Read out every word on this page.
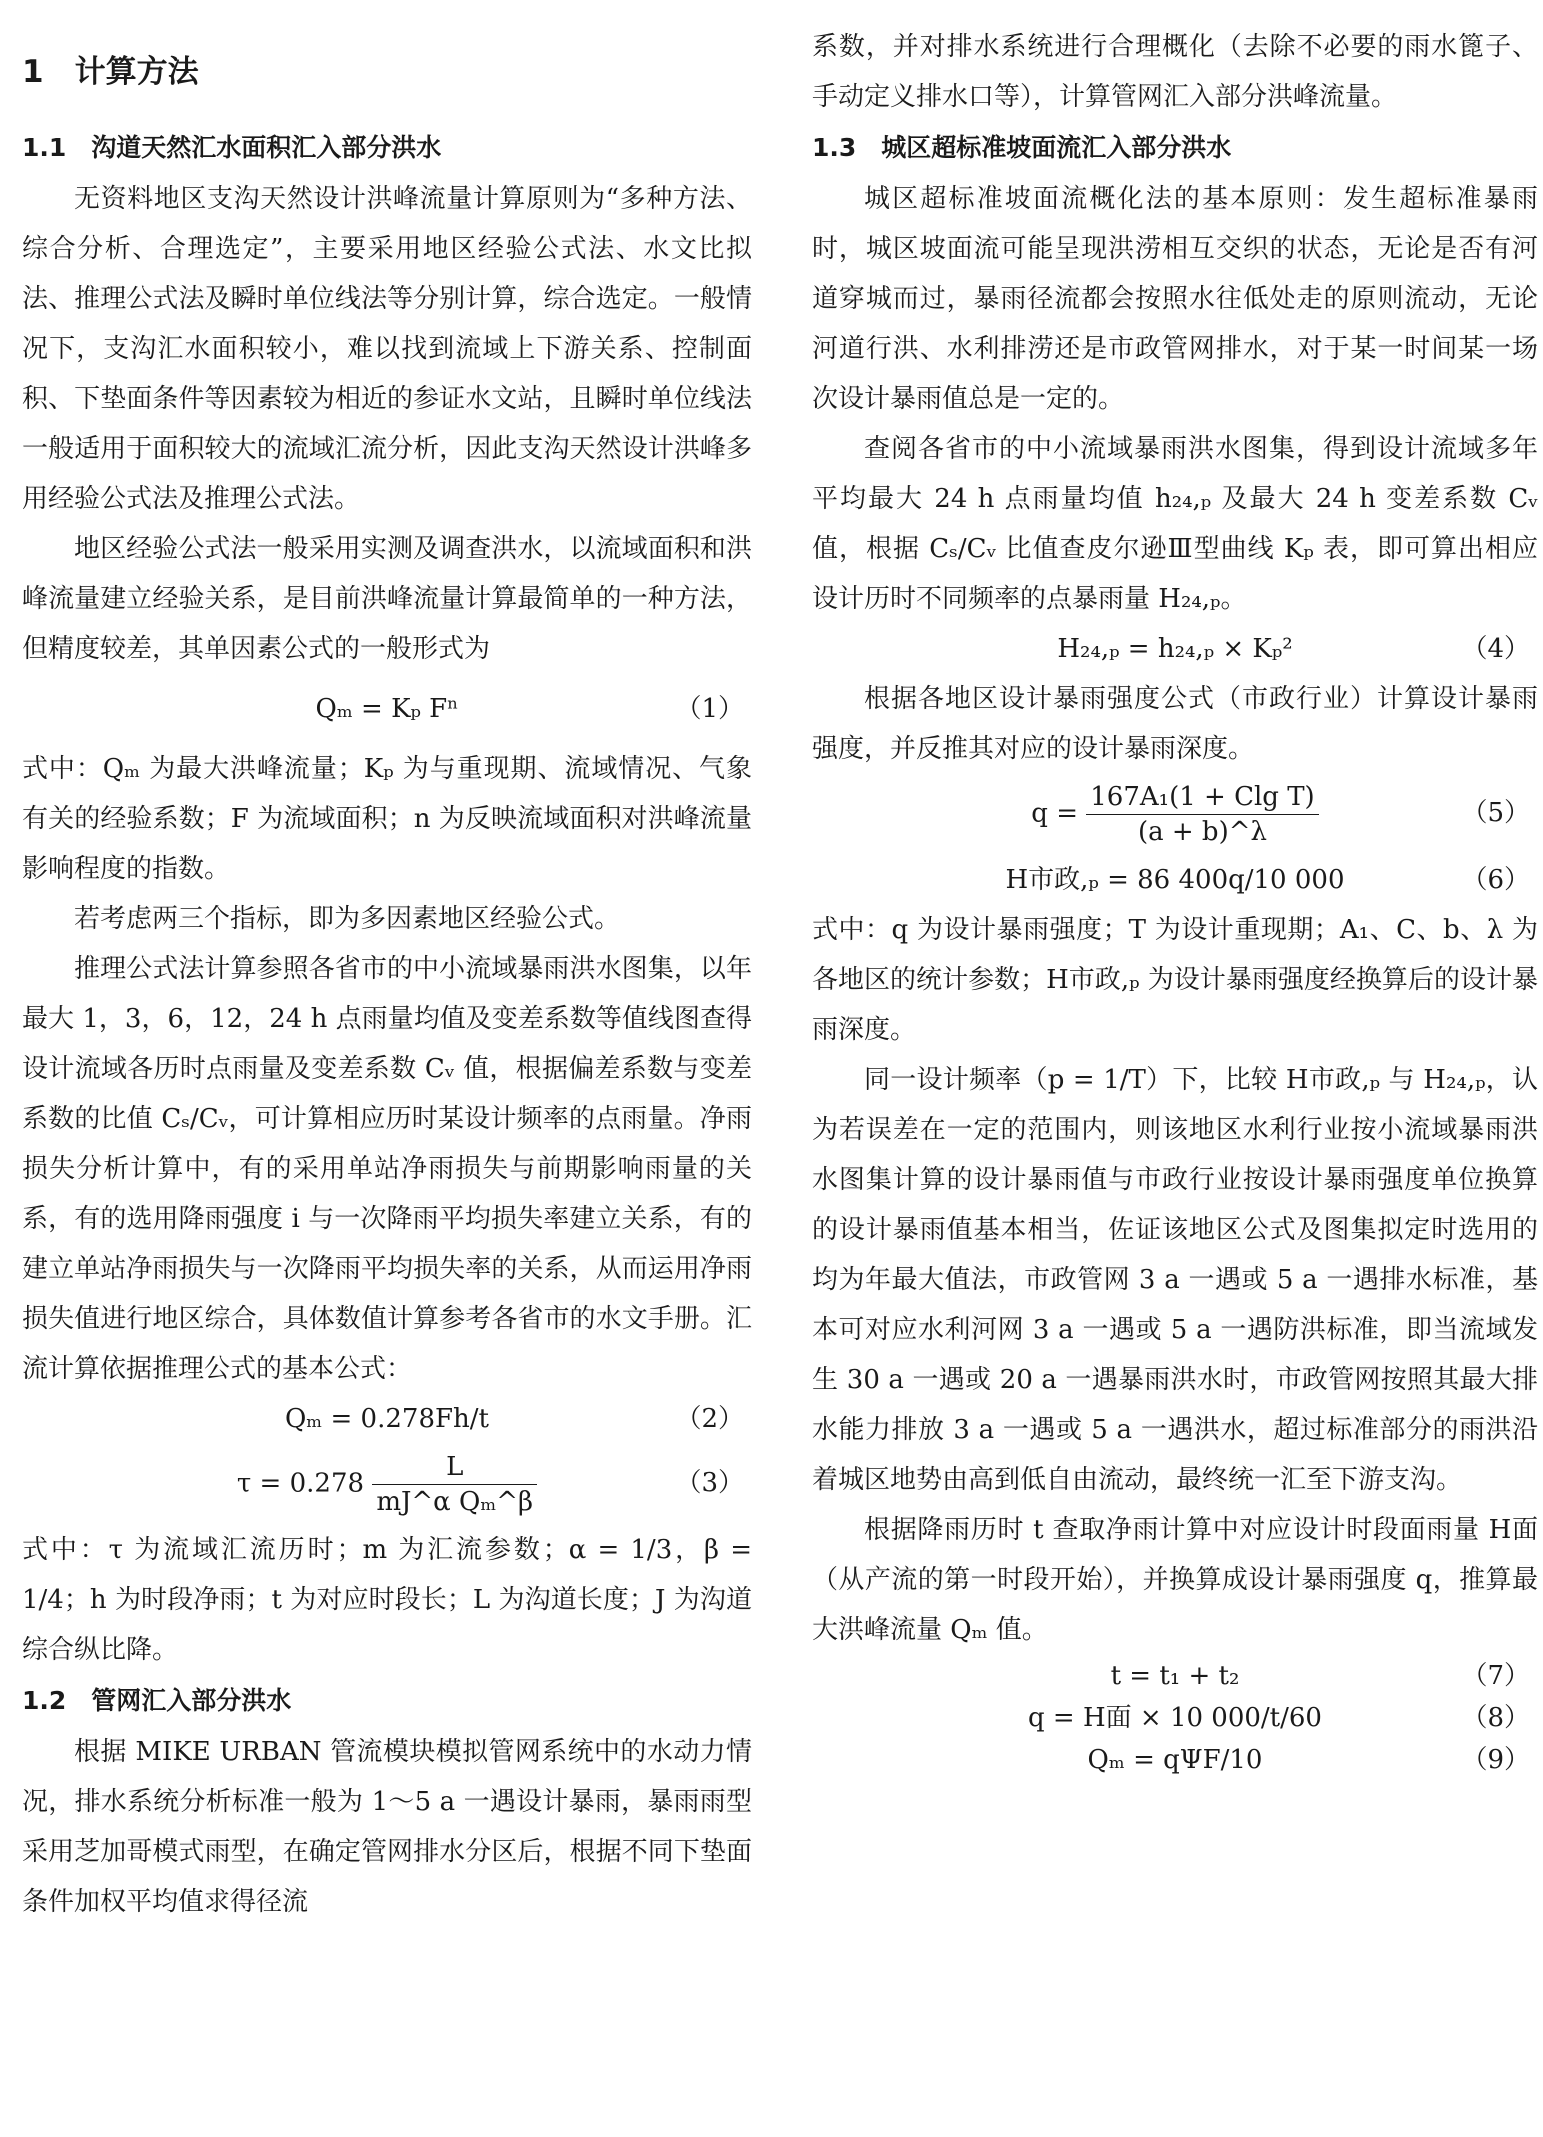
1　计算方法
1.1　沟道天然汇水面积汇入部分洪水

无资料地区支沟天然设计洪峰流量计算原则为“多种方法、综合分析、合理选定”，主要采用地区经验公式法、水文比拟法、推理公式法及瞬时单位线法等分别计算，综合选定。一般情况下，支沟汇水面积较小，难以找到流域上下游关系、控制面积、下垫面条件等因素较为相近的参证水文站，且瞬时单位线法一般适用于面积较大的流域汇流分析，因此支沟天然设计洪峰多用经验公式法及推理公式法。

地区经验公式法一般采用实测及调查洪水，以流域面积和洪峰流量建立经验关系，是目前洪峰流量计算最简单的一种方法，但精度较差，其单因素公式的一般形式为

Qₘ = Kₚ Fⁿ	（1）

式中：Qₘ 为最大洪峰流量；Kₚ 为与重现期、流域情况、气象有关的经验系数；F 为流域面积；n 为反映流域面积对洪峰流量影响程度的指数。

若考虑两三个指标，即为多因素地区经验公式。

推理公式法计算参照各省市的中小流域暴雨洪水图集，以年最大 1，3，6，12，24 h 点雨量均值及变差系数等值线图查得设计流域各历时点雨量及变差系数 Cᵥ 值，根据偏差系数与变差系数的比值 Cₛ/Cᵥ，可计算相应历时某设计频率的点雨量。净雨损失分析计算中，有的采用单站净雨损失与前期影响雨量的关系，有的选用降雨强度 i 与一次降雨平均损失率建立关系，有的建立单站净雨损失与一次降雨平均损失率的关系，从而运用净雨损失值进行地区综合，具体数值计算参考各省市的水文手册。汇流计算依据推理公式的基本公式：

Qₘ = 0.278Fh/t	（2）
$\tau = 0.278 \frac{L}{\text{mJ\textasciicircum{}α Qₘ\textasciicircum{}β}}$	（3）

式中：τ 为流域汇流历时；m 为汇流参数；α = 1/3，β = 1/4；h 为时段净雨；t 为对应时段长；L 为沟道长度；J 为沟道综合纵比降。

1.2　管网汇入部分洪水

根据 MIKE URBAN 管流模块模拟管网系统中的水动力情况，排水系统分析标准一般为 1～5 a 一遇设计暴雨，暴雨雨型采用芝加哥模式雨型，在确定管网排水分区后，根据不同下垫面条件加权平均值求得径流

系数，并对排水系统进行合理概化（去除不必要的雨水篦子、手动定义排水口等），计算管网汇入部分洪峰流量。

1.3　城区超标准坡面流汇入部分洪水

城区超标准坡面流概化法的基本原则：发生超标准暴雨时，城区坡面流可能呈现洪涝相互交织的状态，无论是否有河道穿城而过，暴雨径流都会按照水往低处走的原则流动，无论河道行洪、水利排涝还是市政管网排水，对于某一时间某一场次设计暴雨值总是一定的。

查阅各省市的中小流域暴雨洪水图集，得到设计流域多年平均最大 24 h 点雨量均值 h₂₄,ₚ 及最大 24 h 变差系数 Cᵥ 值，根据 Cₛ/Cᵥ 比值查皮尔逊Ⅲ型曲线 Kₚ 表，即可算出相应设计历时不同频率的点暴雨量 H₂₄,ₚ。

H₂₄,ₚ = h₂₄,ₚ × Kₚ²	（4）

根据各地区设计暴雨强度公式（市政行业）计算设计暴雨强度，并反推其对应的设计暴雨深度。

$q = \frac{\text{167A₁(1 + Clg T)}}{(a + b)\^{}\lambda}$	（5）
H市政,ₚ = 86 400q/10 000	（6）

式中：q 为设计暴雨强度；T 为设计重现期；A₁、C、b、λ 为各地区的统计参数；H市政,ₚ 为设计暴雨强度经换算后的设计暴雨深度。

同一设计频率（p = 1/T）下，比较 H市政,ₚ 与 H₂₄,ₚ，认为若误差在一定的范围内，则该地区水利行业按小流域暴雨洪水图集计算的设计暴雨值与市政行业按设计暴雨强度单位换算的设计暴雨值基本相当，佐证该地区公式及图集拟定时选用的均为年最大值法，市政管网 3 a 一遇或 5 a 一遇排水标准，基本可对应水利河网 3 a 一遇或 5 a 一遇防洪标准，即当流域发生 30 a 一遇或 20 a 一遇暴雨洪水时，市政管网按照其最大排水能力排放 3 a 一遇或 5 a 一遇洪水，超过标准部分的雨洪沿着城区地势由高到低自由流动，最终统一汇至下游支沟。

根据降雨历时 t 查取净雨计算中对应设计时段面雨量 H面（从产流的第一时段开始），并换算成设计暴雨强度 q，推算最大洪峰流量 Qₘ 值。

t = t₁ + t₂	（7）
q = H面 × 10 000/t/60	（8）
Qₘ = qΨF/10	（9）
